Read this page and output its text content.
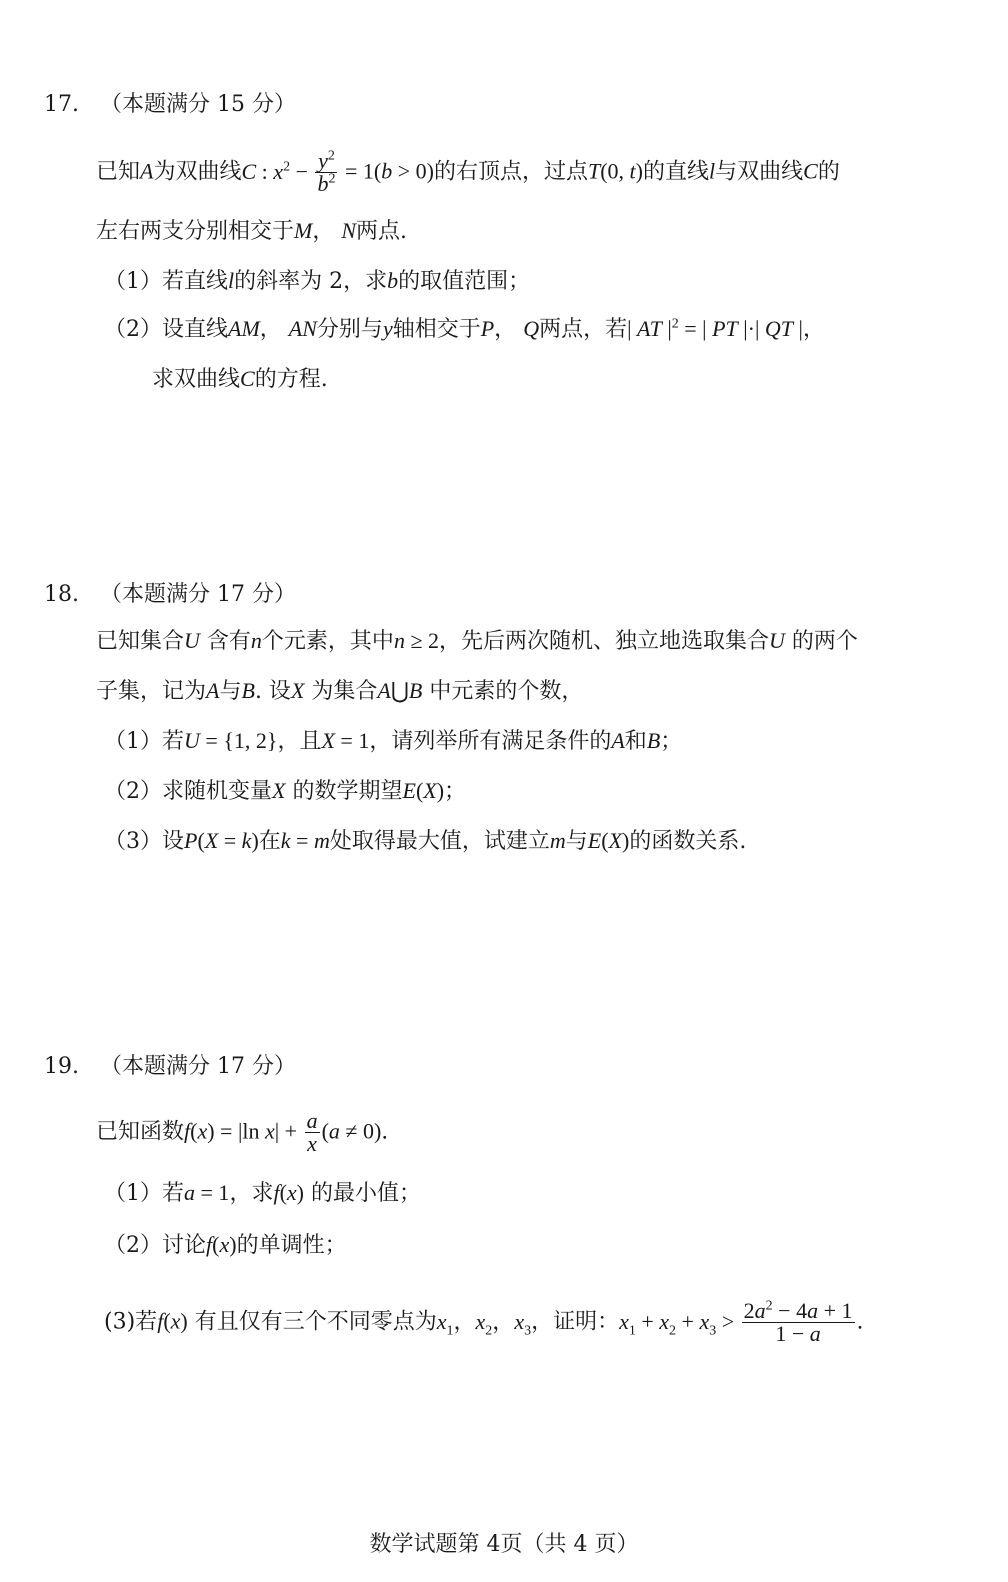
17. （本题满分 15 分）
已知A为双曲线C : $x^2 - \frac{y^2}{b^2} = 1(b > 0)$的右顶点，过点T(0, t)的直线l与双曲线C的
左右两支分别相交于M， N两点.
（1）若直线l的斜率为 2，求b的取值范围；
（2）设直线AM， AN分别与y轴相交于P， Q两点，若| AT $|^2$ = | PT |·| QT |，
求双曲线C的方程.
18. （本题满分 17 分）
已知集合U 含有n个元素，其中n ≥ 2，先后两次随机、独立地选取集合U 的两个
子集，记为A与B. 设X 为集合A⋃B 中元素的个数，
（1）若U = {1, 2}，且X = 1，请列举所有满足条件的A和B；
（2）求随机变量X 的数学期望E(X)；
（3）设P(X = k)在k = m处取得最大值，试建立m与E(X)的函数关系.
19. （本题满分 17 分）
已知函数f(x) = |ln $x| + \frac{a}{x} (a \ne 0)$.
（1）若a = 1，求f(x) 的最小值；
（2）讨论f(x)的单调性；
(3)若f(x) 有且仅有三个不同零点为$x_1$，$x_2$，$x_3$，证明：$x_1 + x_2 + x_3 > \frac{2a^2 - 4a + 1}{1 - a}$ .
数学试题第 4页（共 4 页）
